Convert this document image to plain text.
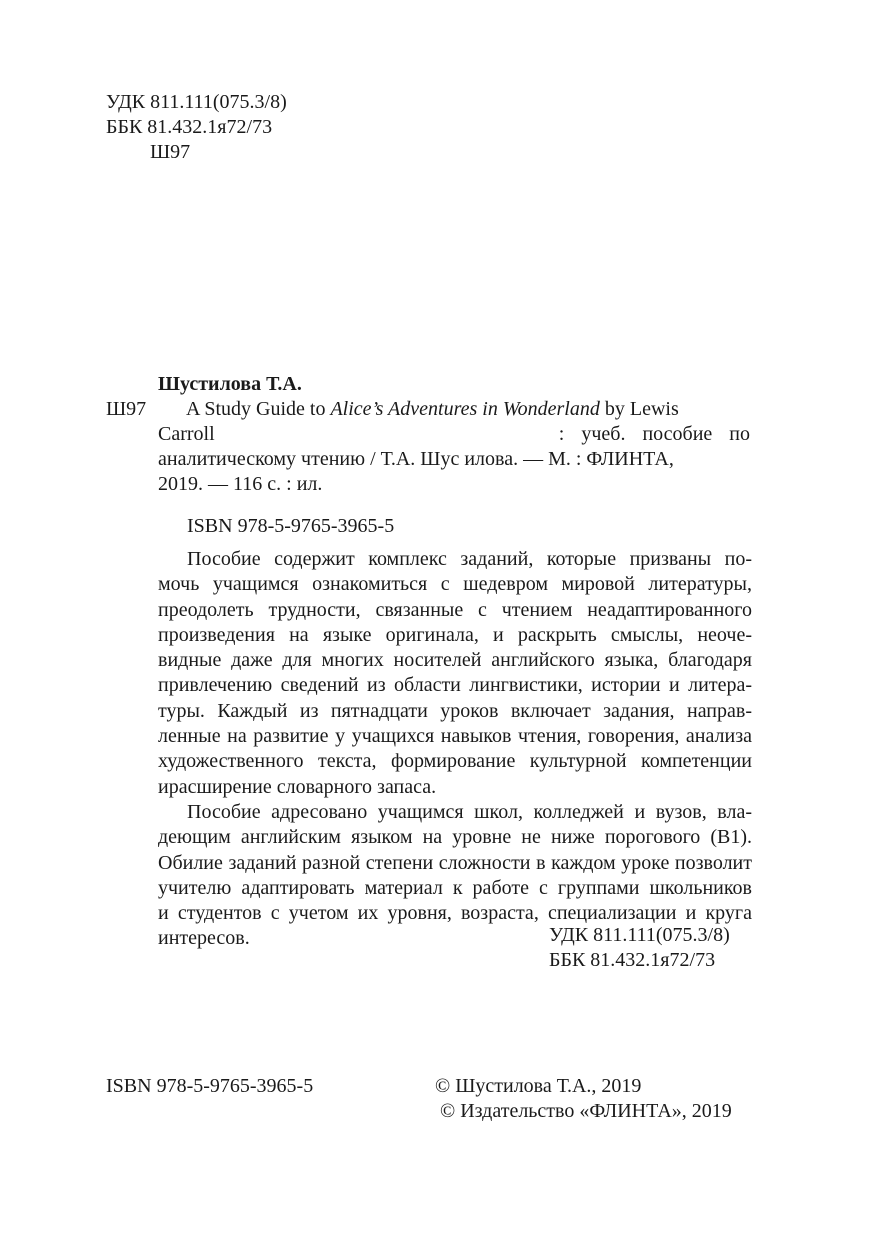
УДК 811.111(075.3/8)
ББК 81.432.1я72/73
Ш97
Шустилова Т.А.
Ш97	A Study Guide to Alice’s Adventures in Wonderland by Lewis
Carroll	: учеб. пособие по
аналитическому чтению / Т.А. Шус илова. — М. : ФЛИНТА,
2019. — 116 с. : ил.
ISBN 978-5-9765-3965-5
Пособие содержит комплекс заданий, которые призваны по-
мочь учащимся ознакомиться с шедевром мировой литературы,
преодолеть трудности, связанные с чтением неадаптированного
произведения на языке оригинала, и раскрыть смыслы, неоче-
видные даже для многих носителей английского языка, благодаря
привлечению сведений из области лингвистики, истории и литера-
туры. Каждый из пятнадцати уроков включает задания, направ-
ленные на развитие у учащихся навыков чтения, говорения, анализа
художественного текста, формирование культурной компетенции
ирасширение словарного запаса.
Пособие адресовано учащимся школ, колледжей и вузов, вла-
деющим английским языком на уровне не ниже порогового (В1).
Обилие заданий разной степени сложности в каждом уроке позволит
учителю адаптировать материал к работе с группами школьников
и студентов с учетом их уровня, возраста, специализации и круга
интересов.	УДК 811.111(075.3/8)
ББК 81.432.1я72/73
ISBN 978-5-9765-3965-5	© Шустилова Т.А., 2019
© Издательство «ФЛИНТА», 2019
